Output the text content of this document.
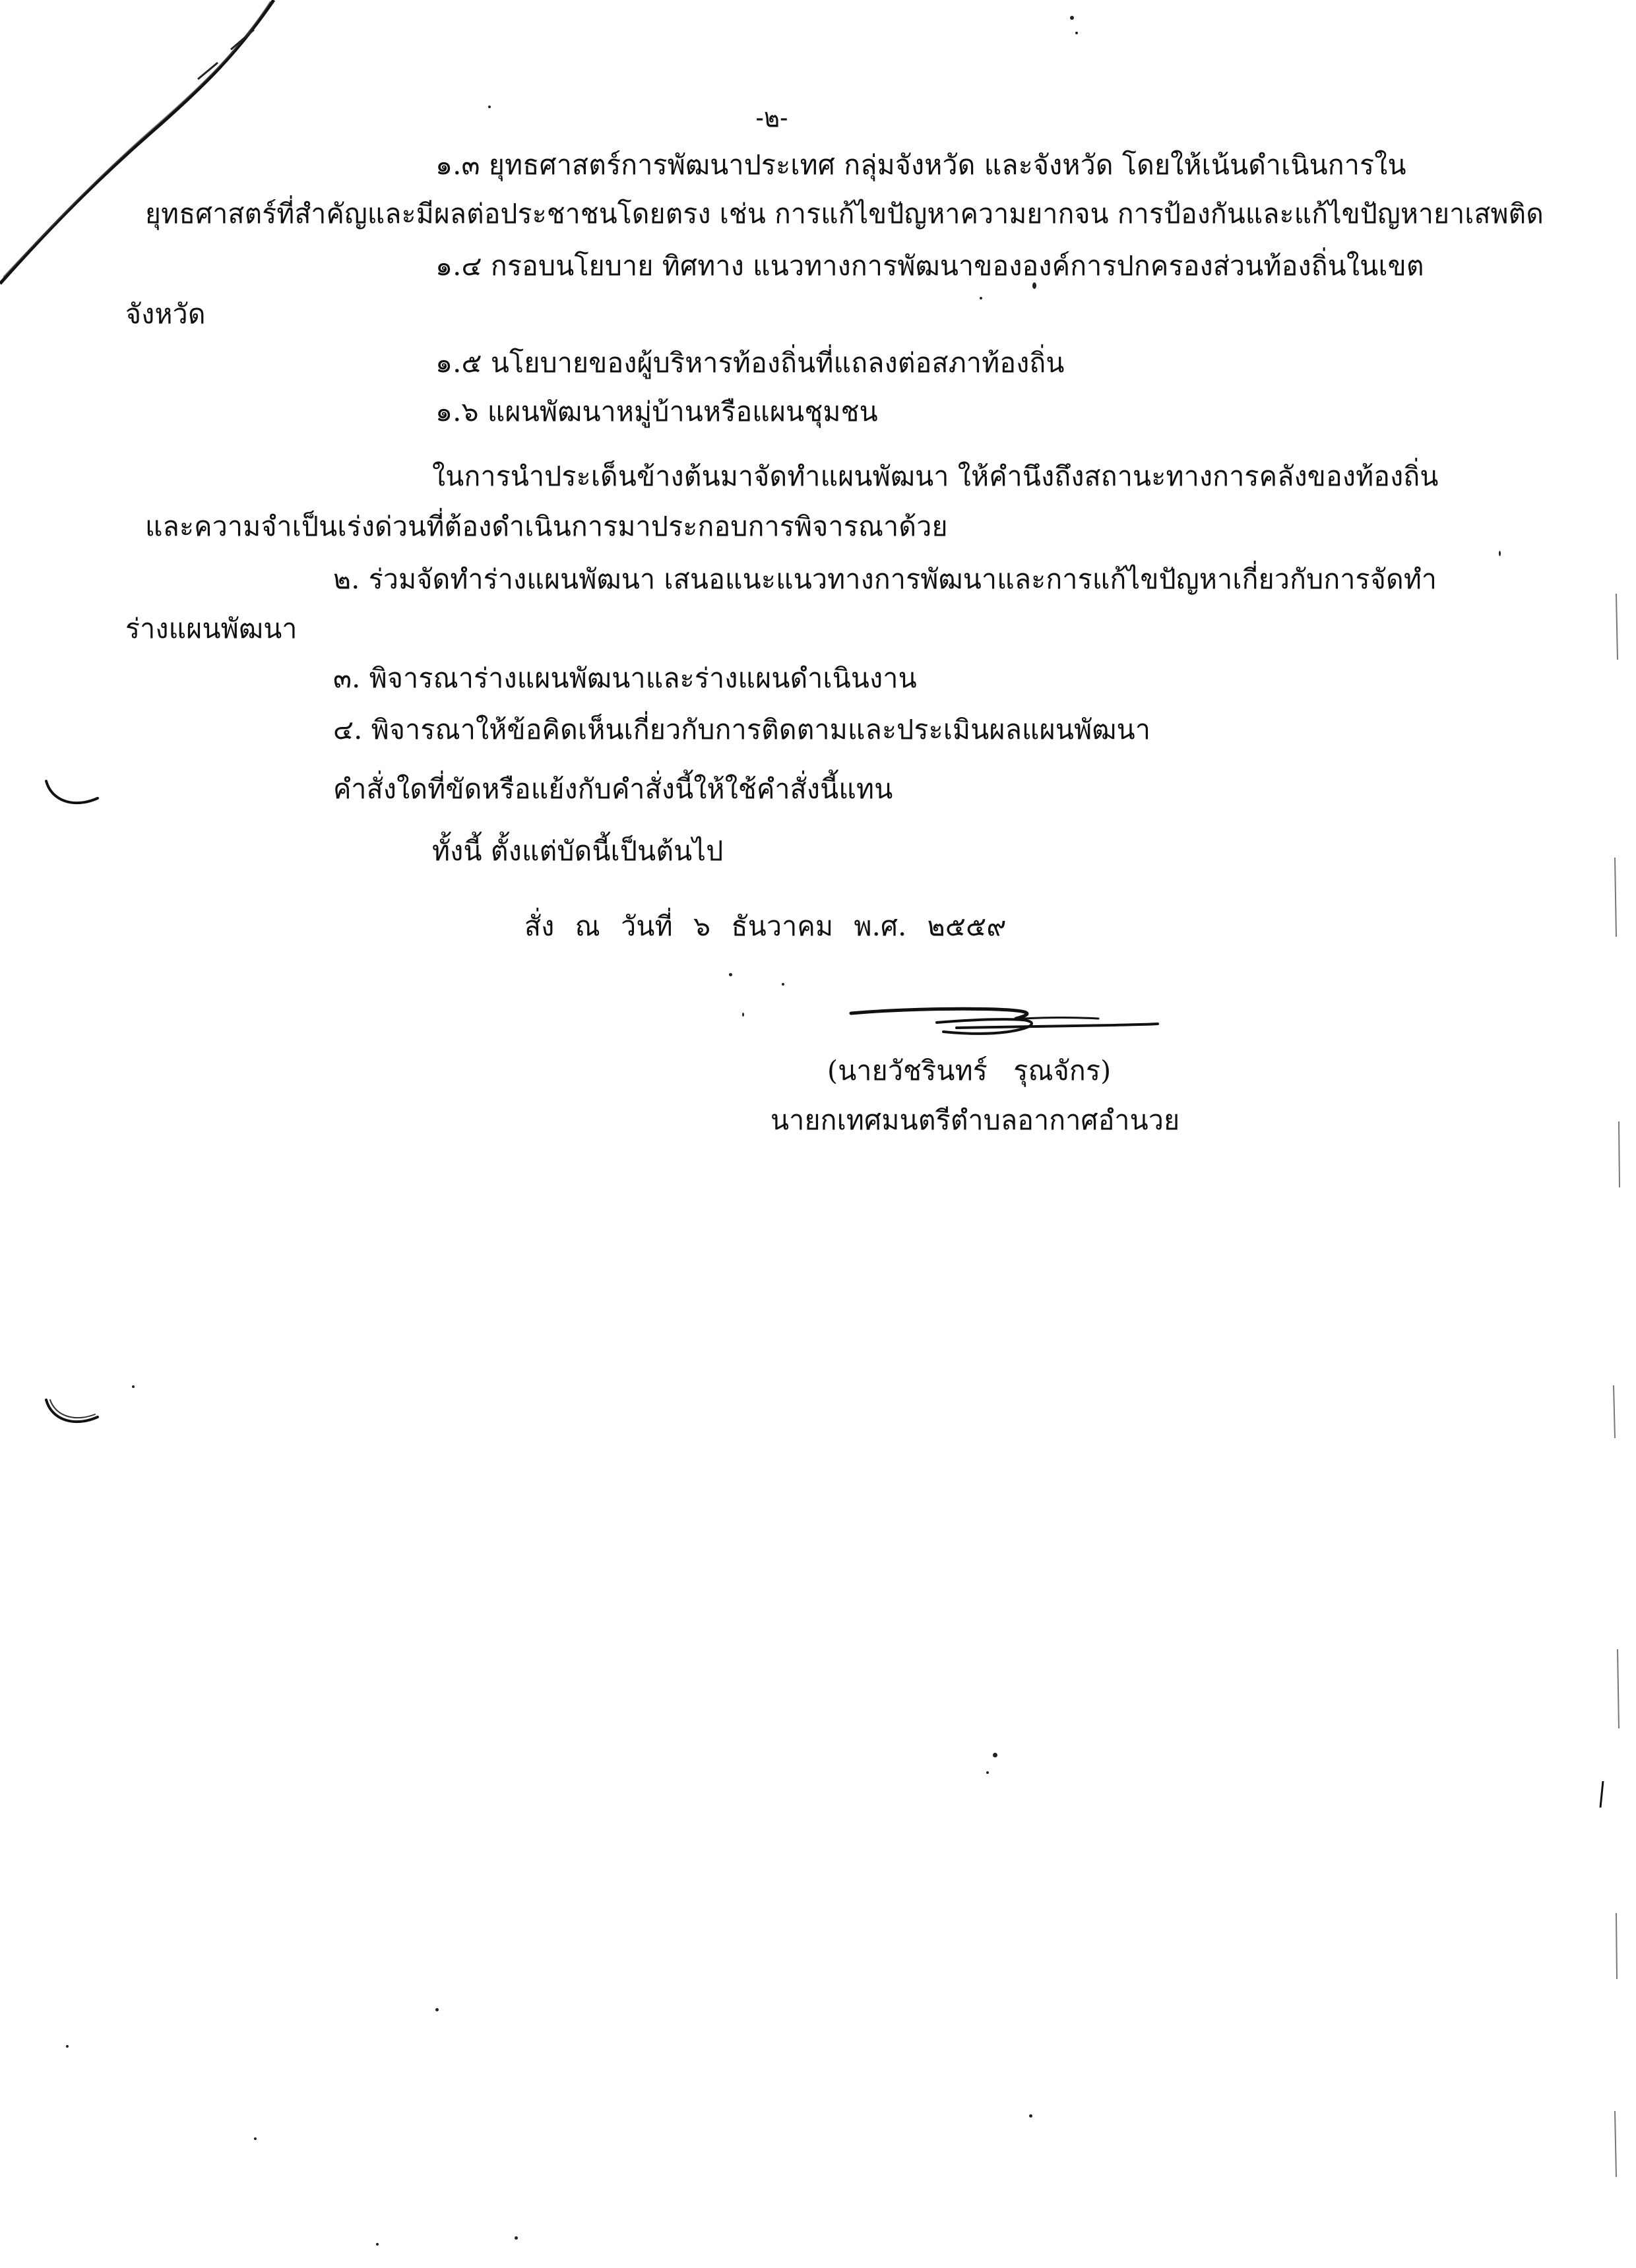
-๒-
๑.๓ ยุทธศาสตร์การพัฒนาประเทศ กลุ่มจังหวัด และจังหวัด โดยให้เน้นดำเนินการใน
ยุทธศาสตร์ที่สำคัญและมีผลต่อประชาชนโดยตรง เช่น การแก้ไขปัญหาความยากจน การป้องกันและแก้ไขปัญหายาเสพติด
๑.๔ กรอบนโยบาย ทิศทาง แนวทางการพัฒนาขององค์การปกครองส่วนท้องถิ่นในเขต
จังหวัด
๑.๕ นโยบายของผู้บริหารท้องถิ่นที่แถลงต่อสภาท้องถิ่น
๑.๖ แผนพัฒนาหมู่บ้านหรือแผนชุมชน
ในการนำประเด็นข้างต้นมาจัดทำแผนพัฒนา ให้คำนึงถึงสถานะทางการคลังของท้องถิ่น
และความจำเป็นเร่งด่วนที่ต้องดำเนินการมาประกอบการพิจารณาด้วย
๒. ร่วมจัดทำร่างแผนพัฒนา เสนอแนะแนวทางการพัฒนาและการแก้ไขปัญหาเกี่ยวกับการจัดทำ
ร่างแผนพัฒนา
๓. พิจารณาร่างแผนพัฒนาและร่างแผนดำเนินงาน
๔. พิจารณาให้ข้อคิดเห็นเกี่ยวกับการติดตามและประเมินผลแผนพัฒนา
คำสั่งใดที่ขัดหรือแย้งกับคำสั่งนี้ให้ใช้คำสั่งนี้แทน
ทั้งนี้ ตั้งแต่บัดนี้เป็นต้นไป
สั่ง ณ วันที่ ๖ ธันวาคม พ.ศ. ๒๕๕๙
(นายวัชรินทร์ รุณจักร)
นายกเทศมนตรีตำบลอากาศอำนวย
